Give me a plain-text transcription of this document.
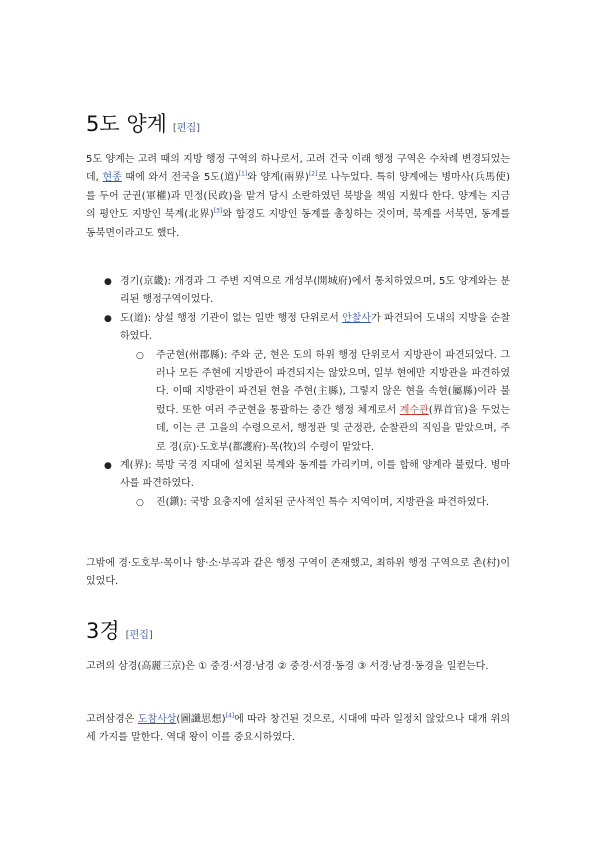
5도 양계 [편집]

5도 양계는 고려 때의 지방 행정 구역의 하나로서, 고려 건국 이래 행정 구역은 수차례 변경되었는데, 현종 때에 와서 전국을 5도(道)[1]와 양계(兩界)[2]로 나누었다. 특히 양계에는 병마사(兵馬使)를 두어 군권(軍權)과 민정(民政)을 맡겨 당시 소란하였던 북방을 책임 지웠다 한다. 양계는 지금의 평안도 지방인 북계(北界)[3]와 함경도 지방인 동계를 총칭하는 것이며, 북계를 서북면, 동계를 동북면이라고도 했다.

● 경기(京畿): 개경과 그 주변 지역으로 개성부(開城府)에서 통치하였으며, 5도 양계와는 분리된 행정구역이었다.
● 도(道): 상설 행정 기관이 없는 일반 행정 단위로서 안찰사가 파견되어 도내의 지방을 순찰하였다.
○ 주군현(州郡縣): 주와 군, 현은 도의 하위 행정 단위로서 지방관이 파견되었다. 그러나 모든 주현에 지방관이 파견되지는 않았으며, 일부 현에만 지방관을 파견하였다. 이때 지방관이 파견된 현을 주현(主縣), 그렇지 않은 현을 속현(屬縣)이라 불렀다. 또한 여러 주군현을 통괄하는 중간 행정 체계로서 계수관(界首官)을 두었는데, 이는 큰 고을의 수령으로서, 행정관 및 군정관, 순찰관의 직임을 맡았으며, 주로 경(京)·도호부(都護府)·목(牧)의 수령이 맡았다.
● 계(界): 북방 국경 지대에 설치된 북계와 동계를 가리키며, 이를 합해 양계라 불렀다. 병마사를 파견하였다.
○ 진(鎭): 국방 요충지에 설치된 군사적인 특수 지역이며, 지방관을 파견하였다.

그밖에 경·도호부·목이나 향·소·부곡과 같은 행정 구역이 존재했고, 최하위 행정 구역으로 촌(村)이 있었다.

3경 [편집]

고려의 삼경(高麗三京)은 ① 중경·서경·남경 ② 중경·서경·동경 ③ 서경·남경·동경을 일컫는다.

고려삼경은 도참사상(圖讖思想)[4]에 따라 창건된 것으로, 시대에 따라 일정치 않았으나 대개 위의 세 가지를 말한다. 역대 왕이 이를 중요시하였다.
